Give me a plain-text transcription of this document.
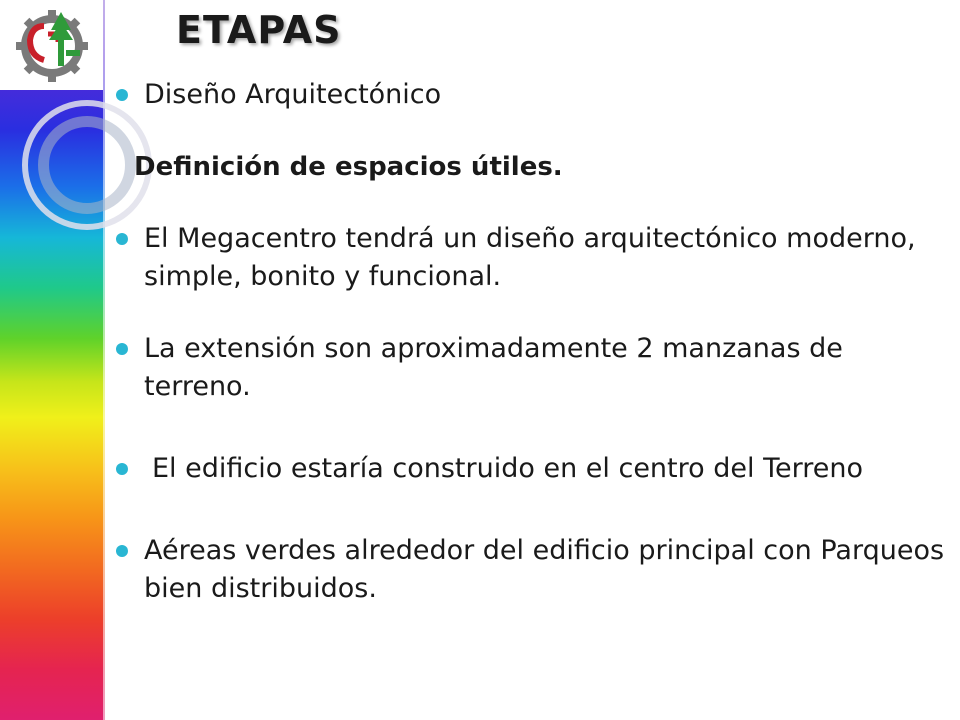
ETAPAS
Diseño Arquitectónico
Definición de espacios útiles.
El Megacentro tendrá un diseño arquitectónico moderno, simple, bonito y funcional.
La extensión son aproximadamente 2 manzanas de terreno.
El edificio estaría construido en el centro del Terreno
Aéreas verdes alrededor del edificio principal con Parqueos bien distribuidos.
